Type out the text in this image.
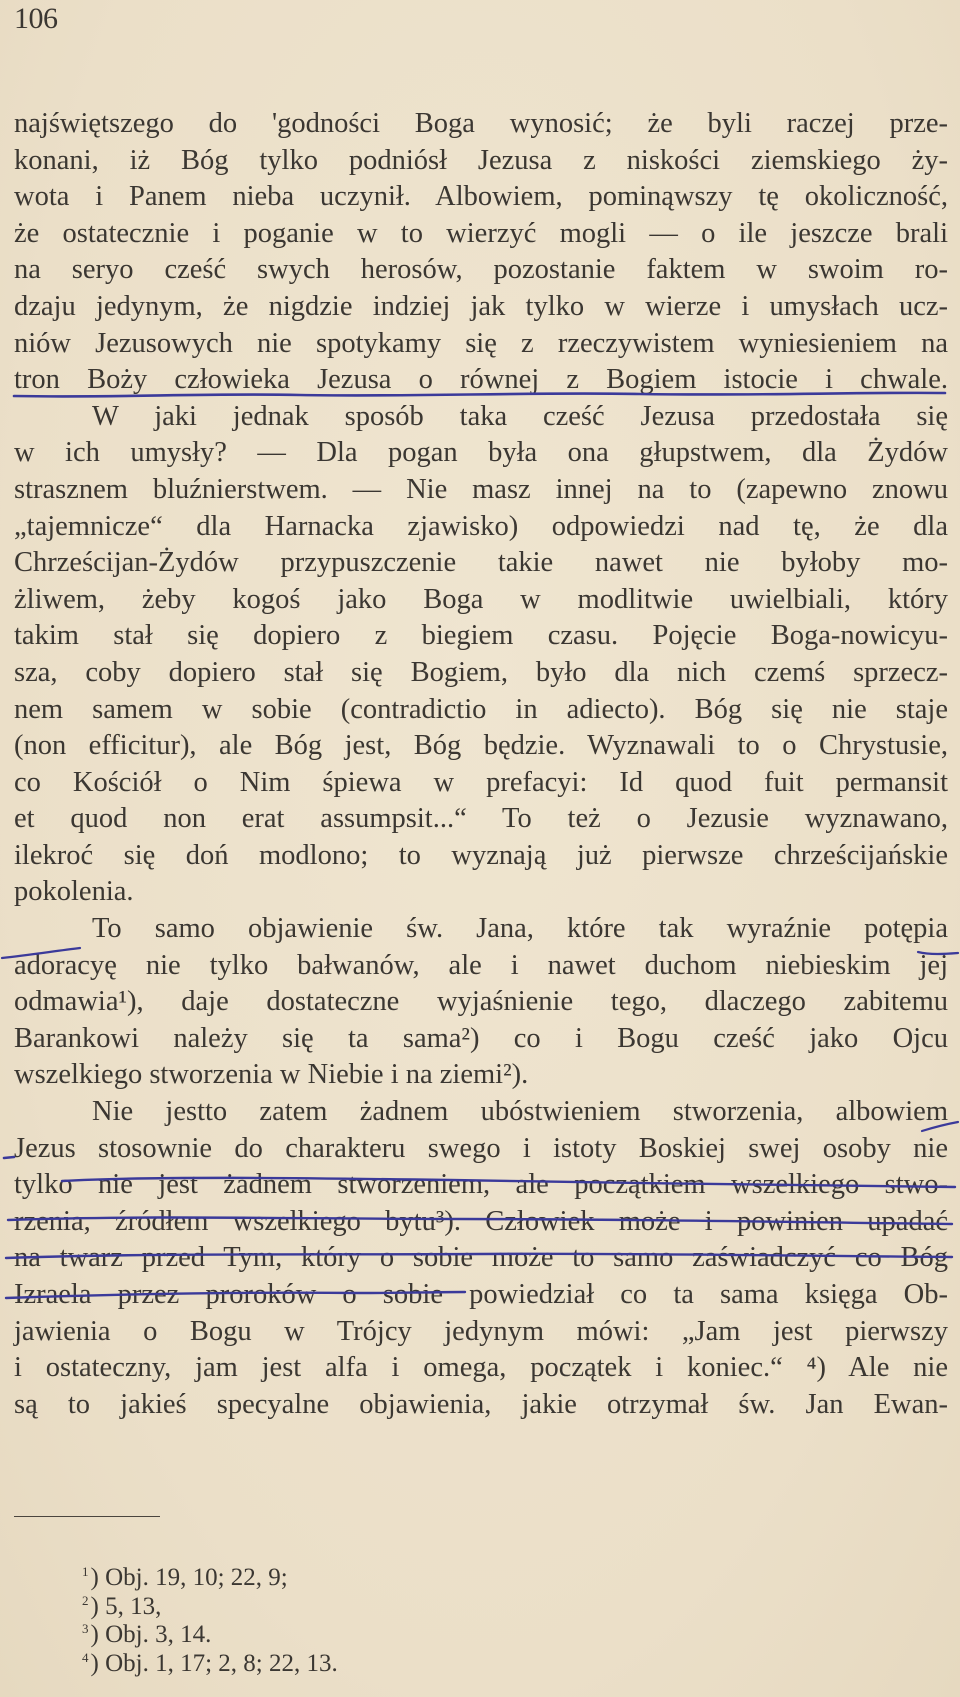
106
najświętszego do 'godności Boga wynosić; że byli raczej prze-
konani, iż Bóg tylko podniósł Jezusa z niskości ziemskiego ży-
wota i Panem nieba uczynił. Albowiem, pominąwszy tę okoliczność,
że ostatecznie i poganie w to wierzyć mogli — o ile jeszcze brali
na seryo cześć swych herosów, pozostanie faktem w swoim ro-
dzaju jedynym, że nigdzie indziej jak tylko w wierze i umysłach ucz-
niów Jezusowych nie spotykamy się z rzeczywistem wyniesieniem na
tron Boży człowieka Jezusa o równej z Bogiem istocie i chwale.
W jaki jednak sposób taka cześć Jezusa przedostała się
w ich umysły? — Dla pogan była ona głupstwem, dla Żydów
strasznem bluźnierstwem. — Nie masz innej na to (zapewno znowu
„tajemnicze“ dla Harnacka zjawisko) odpowiedzi nad tę, że dla
Chrześcijan-Żydów przypuszczenie takie nawet nie byłoby mo-
żliwem, żeby kogoś jako Boga w modlitwie uwielbiali, który
takim stał się dopiero z biegiem czasu. Pojęcie Boga-nowicyu-
sza, coby dopiero stał się Bogiem, było dla nich czemś sprzecz-
nem samem w sobie (contradictio in adiecto). Bóg się nie staje
(non efficitur), ale Bóg jest, Bóg będzie. Wyznawali to o Chrystusie,
co Kościół o Nim śpiewa w prefacyi: Id quod fuit permansit
et quod non erat assumpsit...“ To też o Jezusie wyznawano,
ilekroć się doń modlono; to wyznają już pierwsze chrześcijańskie
pokolenia.
To samo objawienie św. Jana, które tak wyraźnie potępia
adoracyę nie tylko bałwanów, ale i nawet duchom niebieskim jej
odmawia¹), daje dostateczne wyjaśnienie tego, dlaczego zabitemu
Barankowi należy się ta sama²) co i Bogu cześć jako Ojcu
wszelkiego stworzenia w Niebie i na ziemi²).
Nie jestto zatem żadnem ubóstwieniem stworzenia, albowiem
Jezus stosownie do charakteru swego i istoty Boskiej swej osoby nie
tylko nie jest żadnem stworzeniem, ale początkiem wszelkiego stwo-
rzenia, źródłem wszelkiego bytu³). Człowiek może i powinien upadać
na twarz przed Tym, który o sobie może to samo zaświadczyć co Bóg
Izraela przez proroków o sobie powiedział co ta sama księga Ob-
jawienia o Bogu w Trójcy jedynym mówi: „Jam jest pierwszy
i ostateczny, jam jest alfa i omega, początek i koniec.“ ⁴) Ale nie
są to jakieś specyalne objawienia, jakie otrzymał św. Jan Ewan-
$^1$) Obj. 19, 10; 22, 9;
$^2$) 5, 13,
$^3$) Obj. 3, 14.
$^4$) Obj. 1, 17; 2, 8; 22, 13.
